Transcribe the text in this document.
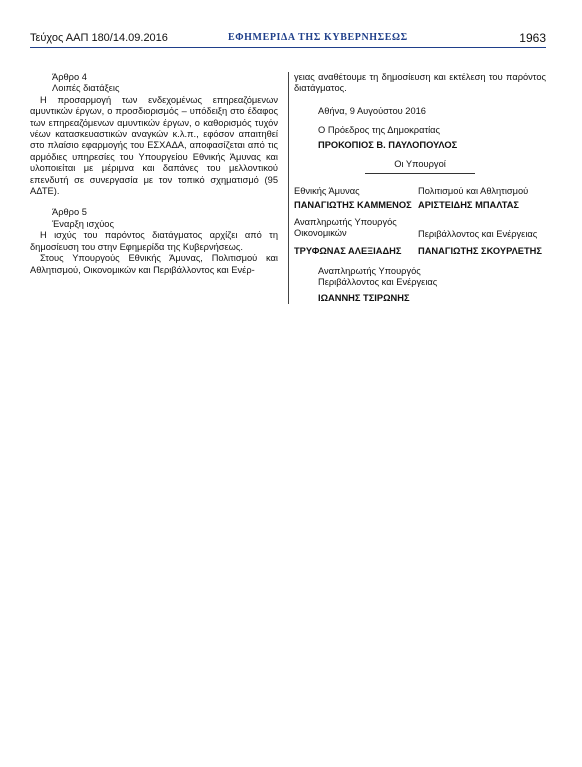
Τεύχος ΑΑΠ 180/14.09.2016	ΕΦΗΜΕΡΙΔΑ ΤΗΣ ΚΥΒΕΡΝΗΣΕΩΣ	1963
Άρθρο 4
Λοιπές διατάξεις

Η προσαρμογή των ενδεχομένως επηρεαζόμενων αμυντικών έργων, ο προσδιορισμός – υπόδειξη στο έδαφος των επηρεαζόμενων αμυντικών έργων, ο καθορισμός τυχόν νέων κατασκευαστικών αναγκών κ.λ.π., εφόσον απαιτηθεί στο πλαίσιο εφαρμογής του ΕΣΧΑΔΑ, αποφασίζεται από τις αρμόδιες υπηρεσίες του Υπουργείου Εθνικής Άμυνας και υλοποιείται με μέριμνα και δαπάνες του μελλοντικού επενδυτή σε συνεργασία με τον τοπικό σχηματισμό (95 ΑΔΤΕ).

Άρθρο 5
Έναρξη ισχύος

Η ισχύς του παρόντος διατάγματος αρχίζει από τη δημοσίευση του στην Εφημερίδα της Κυβερνήσεως.

Στους Υπουργούς Εθνικής Άμυνας, Πολιτισμού και Αθλητισμού, Οικονομικών και Περιβάλλοντος και Ενέρ-

γειας αναθέτουμε τη δημοσίευση και εκτέλεση του παρόντος διατάγματος.

Αθήνα, 9 Αυγούστου 2016
Ο Πρόεδρος της Δημοκρατίας
ΠΡΟΚΟΠΙΟΣ Β. ΠΑΥΛΟΠΟΥΛΟΣ
Οι Υπουργοί
Εθνικής Άμυνας
ΠΑΝΑΓΙΩΤΗΣ ΚΑΜΜΕΝΟΣ
Πολιτισμού και Αθλητισμού
ΑΡΙΣΤΕΙΔΗΣ ΜΠΑΛΤΑΣ
Αναπληρωτής Υπουργός
Οικονομικών
ΤΡΥΦΩΝΑΣ ΑΛΕΞΙΑΔΗΣ
Περιβάλλοντος και Ενέργειας
ΠΑΝΑΓΙΩΤΗΣ ΣΚΟΥΡΛΕΤΗΣ
Αναπληρωτής Υπουργός
Περιβάλλοντος και Ενέργειας
ΙΩΑΝΝΗΣ ΤΣΙΡΩΝΗΣ
